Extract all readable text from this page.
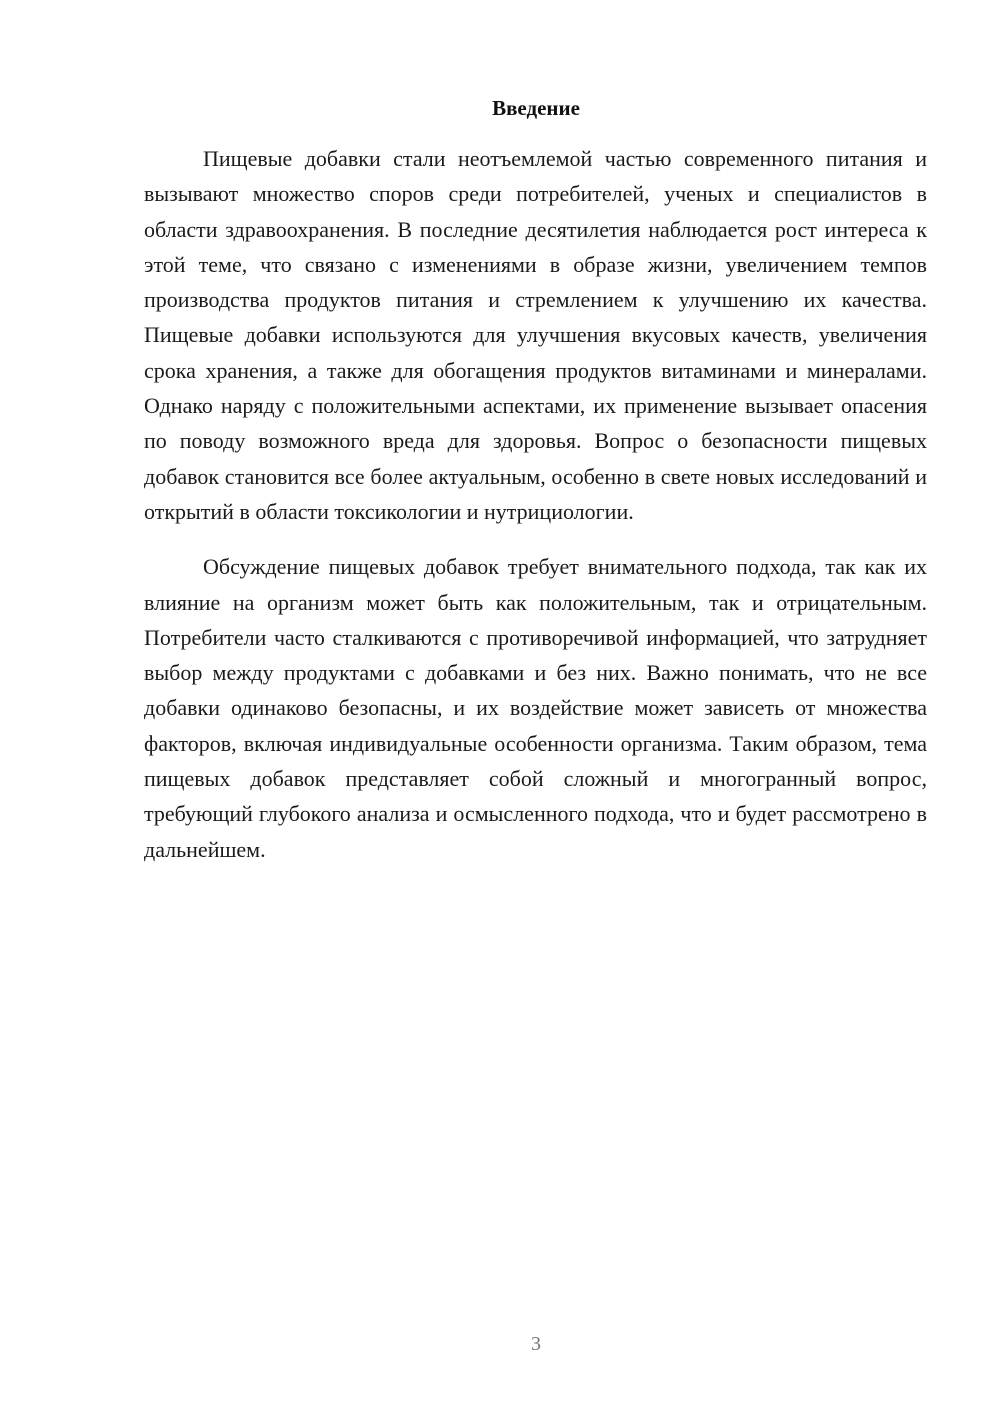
Введение

Пищевые добавки стали неотъемлемой частью современного питания и вызывают множество споров среди потребителей, ученых и специалистов в области здравоохранения. В последние десятилетия наблюдается рост интереса к этой теме, что связано с изменениями в образе жизни, увеличением темпов производства продуктов питания и стремлением к улучшению их качества. Пищевые добавки используются для улучшения вкусовых качеств, увеличения срока хранения, а также для обогащения продуктов витаминами и минералами. Однако наряду с положительными аспектами, их применение вызывает опасения по поводу возможного вреда для здоровья. Вопрос о безопасности пищевых добавок становится все более актуальным, особенно в свете новых исследований и открытий в области токсикологии и нутрициологии.

Обсуждение пищевых добавок требует внимательного подхода, так как их влияние на организм может быть как положительным, так и отрицательным. Потребители часто сталкиваются с противоречивой информацией, что затрудняет выбор между продуктами с добавками и без них. Важно понимать, что не все добавки одинаково безопасны, и их воздействие может зависеть от множества факторов, включая индивидуальные особенности организма. Таким образом, тема пищевых добавок представляет собой сложный и многогранный вопрос, требующий глубокого анализа и осмысленного подхода, что и будет рассмотрено в дальнейшем.

3
